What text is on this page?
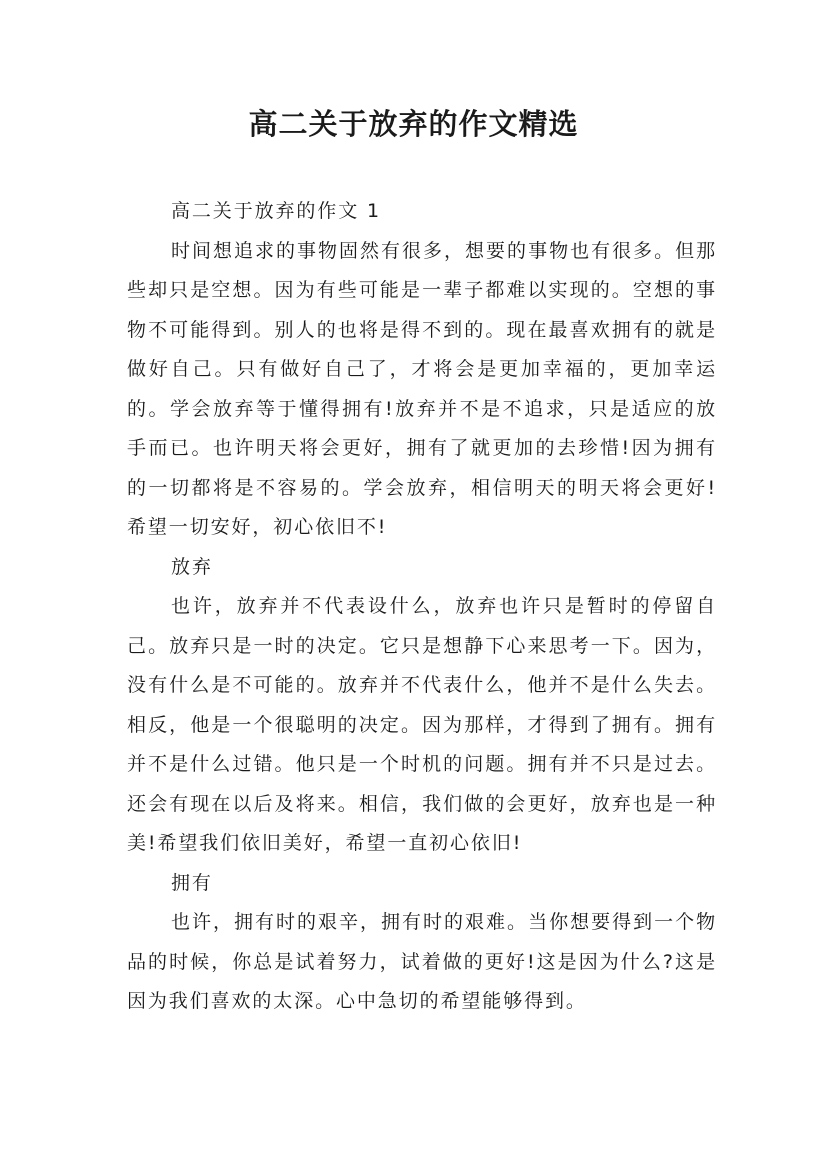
高二关于放弃的作文精选

高二关于放弃的作文 1

时间想追求的事物固然有很多，想要的事物也有很多。但那些却只是空想。因为有些可能是一辈子都难以实现的。空想的事物不可能得到。别人的也将是得不到的。现在最喜欢拥有的就是做好自己。只有做好自己了，才将会是更加幸福的，更加幸运的。学会放弃等于懂得拥有!放弃并不是不追求，只是适应的放手而已。也许明天将会更好，拥有了就更加的去珍惜!因为拥有的一切都将是不容易的。学会放弃，相信明天的明天将会更好!希望一切安好，初心依旧不!

放弃

也许，放弃并不代表设什么，放弃也许只是暂时的停留自己。放弃只是一时的决定。它只是想静下心来思考一下。因为，没有什么是不可能的。放弃并不代表什么，他并不是什么失去。相反，他是一个很聪明的决定。因为那样，才得到了拥有。拥有并不是什么过错。他只是一个时机的问题。拥有并不只是过去。还会有现在以后及将来。相信，我们做的会更好，放弃也是一种美!希望我们依旧美好，希望一直初心依旧!

拥有

也许，拥有时的艰辛，拥有时的艰难。当你想要得到一个物品的时候，你总是试着努力，试着做的更好!这是因为什么?这是因为我们喜欢的太深。心中急切的希望能够得到。
